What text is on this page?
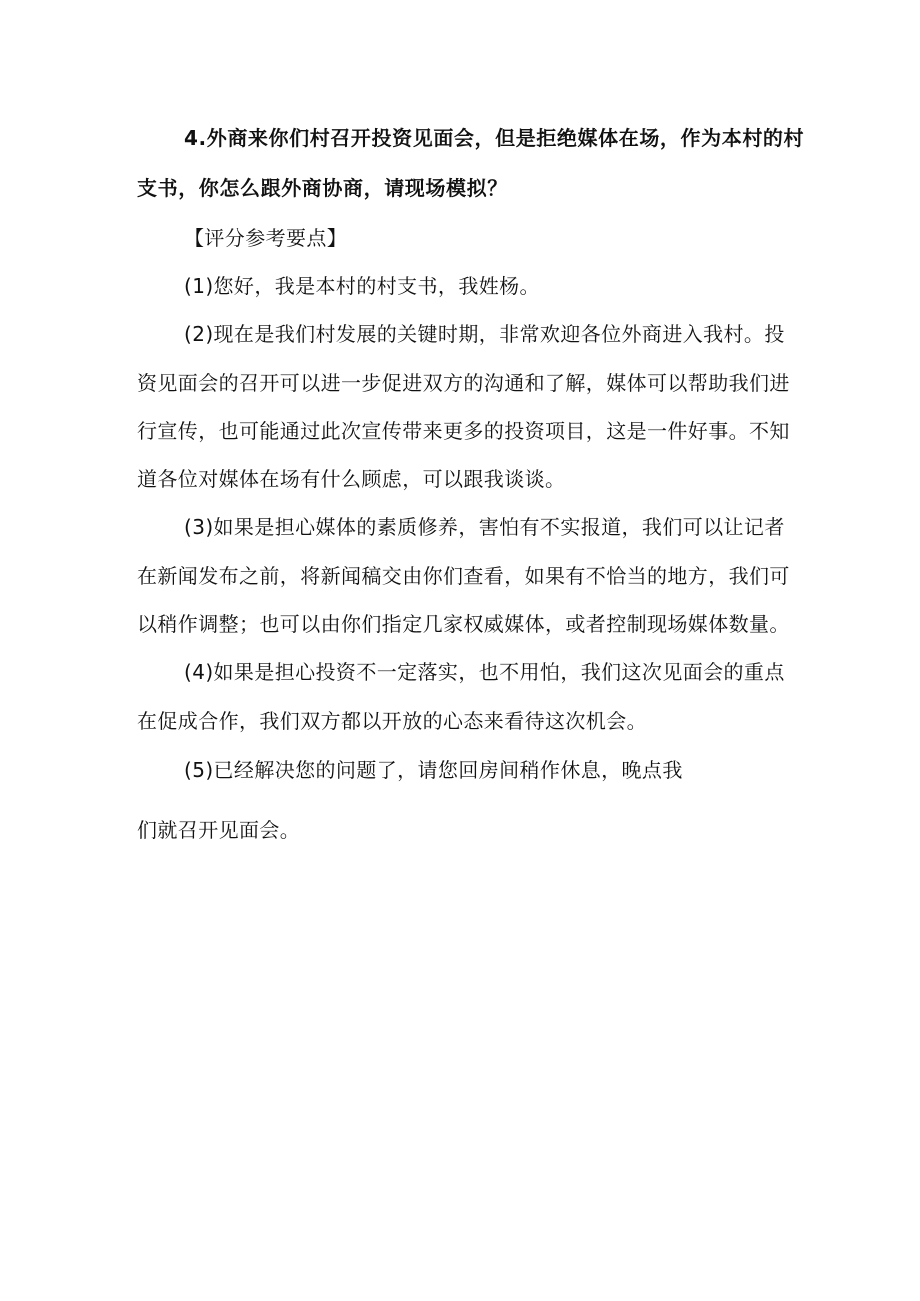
4.外商来你们村召开投资见面会，但是拒绝媒体在场，作为本村的村

支书，你怎么跟外商协商，请现场模拟？

【评分参考要点】

(1)您好，我是本村的村支书，我姓杨。

(2)现在是我们村发展的关键时期，非常欢迎各位外商进入我村。投

资见面会的召开可以进一步促进双方的沟通和了解，媒体可以帮助我们进

行宣传，也可能通过此次宣传带来更多的投资项目，这是一件好事。不知

道各位对媒体在场有什么顾虑，可以跟我谈谈。

(3)如果是担心媒体的素质修养，害怕有不实报道，我们可以让记者

在新闻发布之前，将新闻稿交由你们查看，如果有不恰当的地方，我们可

以稍作调整；也可以由你们指定几家权威媒体，或者控制现场媒体数量。

(4)如果是担心投资不一定落实，也不用怕，我们这次见面会的重点

在促成合作，我们双方都以开放的心态来看待这次机会。

(5)已经解决您的问题了，请您回房间稍作休息，晚点我

们就召开见面会。
